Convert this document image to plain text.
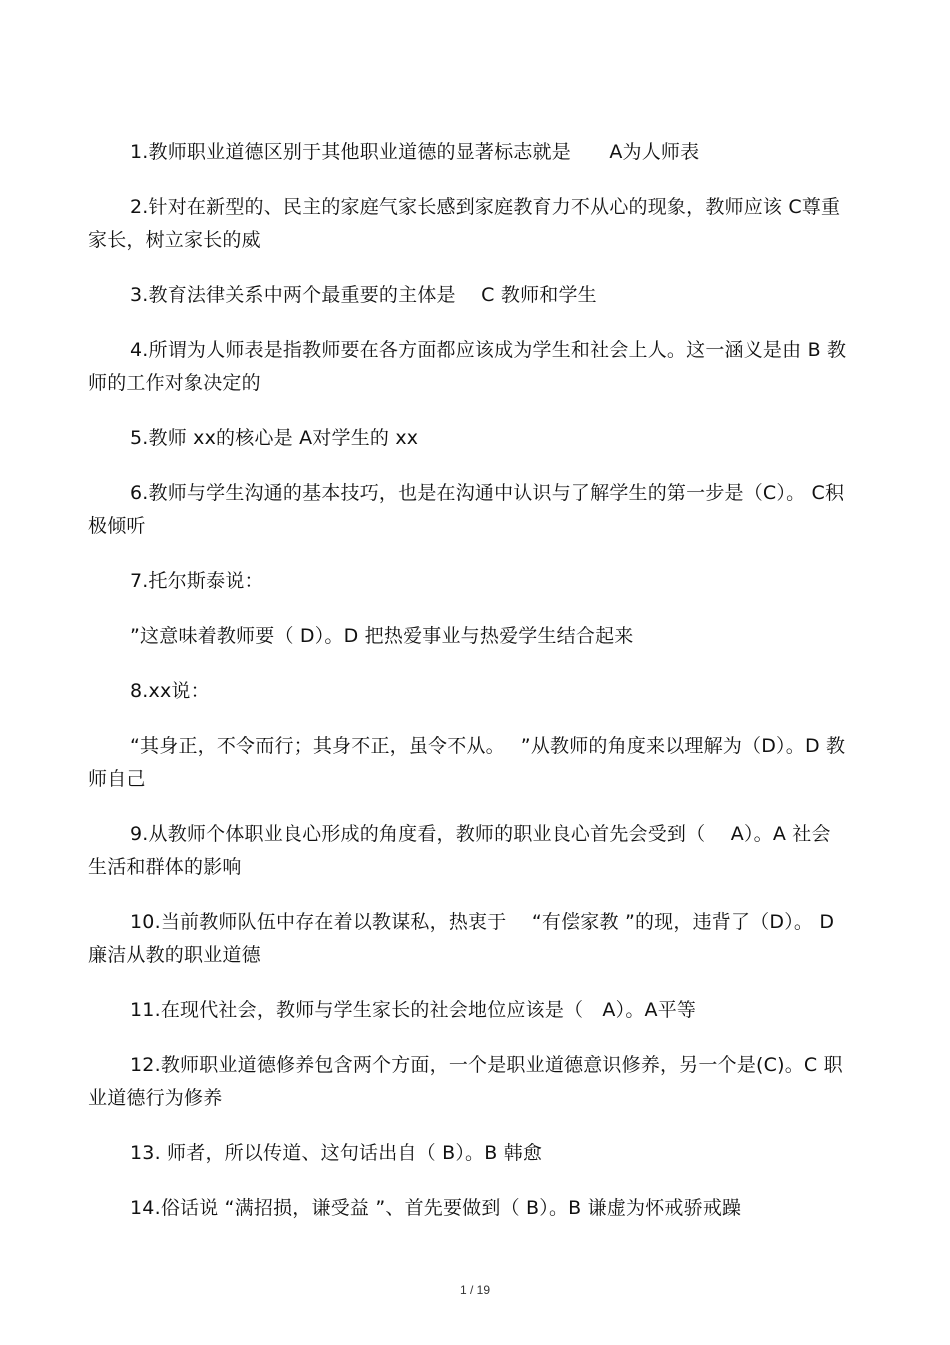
1.教师职业道德区别于其他职业道德的显著标志就是　　A为人师表

2.针对在新型的、民主的家庭气家长感到家庭教育力不从心的现象，教师应该 C尊重家长，树立家长的威

3.教育法律关系中两个最重要的主体是　 C 教师和学生

4.所谓为人师表是指教师要在各方面都应该成为学生和社会上人。这一涵义是由 B 教师的工作对象决定的

5.教师 xx的核心是 A对学生的 xx

6.教师与学生沟通的基本技巧，也是在沟通中认识与了解学生的第一步是（C）。 C积极倾听

7.托尔斯泰说：

”这意味着教师要（ D）。D 把热爱事业与热爱学生结合起来

8.xx说：

“其身正，不令而行；其身不正，虽令不从。　 ”从教师的角度来以理解为（D）。D 教师自己

9.从教师个体职业良心形成的角度看，教师的职业良心首先会受到（　 A）。A 社会生活和群体的影响

10.当前教师队伍中存在着以教谋私，热衷于　 “有偿家教 ”的现，违背了（D）。 D廉洁从教的职业道德

11.在现代社会，教师与学生家长的社会地位应该是（　A）。A平等

12.教师职业道德修养包含两个方面，一个是职业道德意识修养，另一个是(C)。C 职业道德行为修养

13. 师者，所以传道、这句话出自（ B）。B 韩愈

14.俗话说 “满招损，谦受益 ”、首先要做到（ B）。B 谦虚为怀戒骄戒躁

1 / 19
